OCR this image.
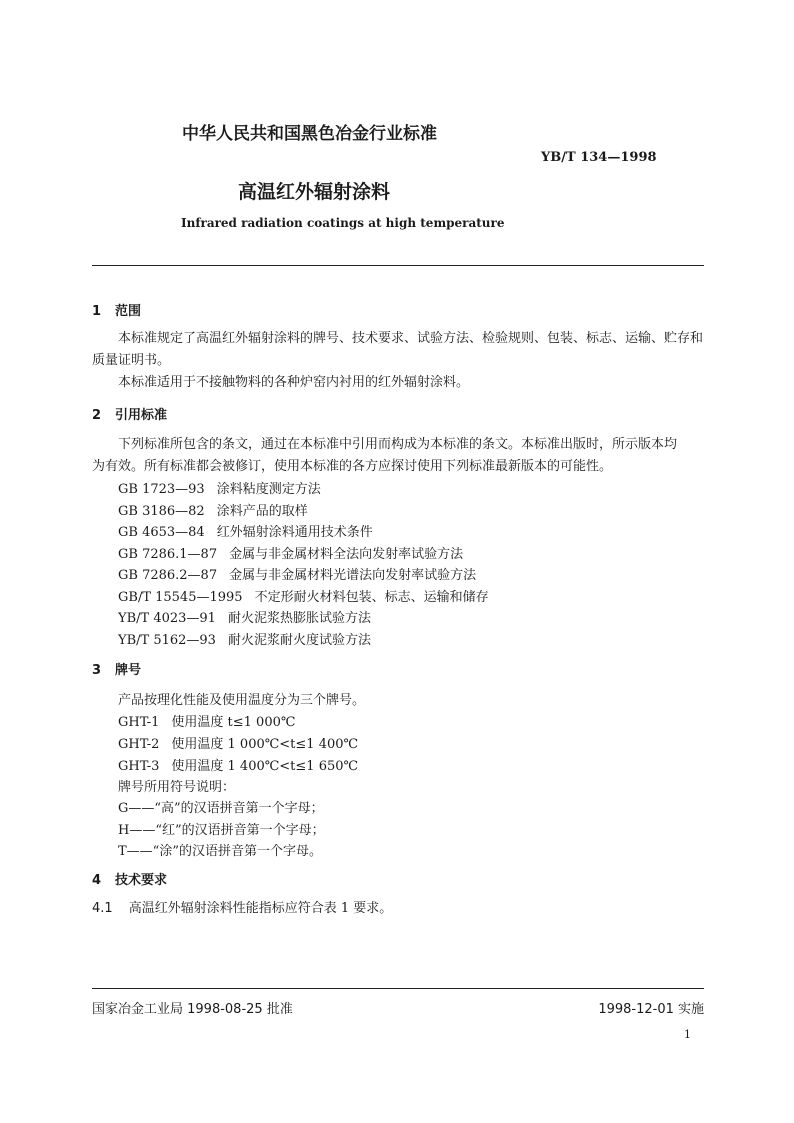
中华人民共和国黑色冶金行业标准
YB/T 134—1998
高温红外辐射涂料
Infrared radiation coatings at high temperature
1 范围
本标准规定了高温红外辐射涂料的牌号、技术要求、试验方法、检验规则、包装、标志、运输、贮存和
质量证明书。
本标准适用于不接触物料的各种炉窑内衬用的红外辐射涂料。
2 引用标准
下列标准所包含的条文，通过在本标准中引用而构成为本标准的条文。本标准出版时，所示版本均
为有效。所有标准都会被修订，使用本标准的各方应探讨使用下列标准最新版本的可能性。
GB 1723—93 涂料粘度测定方法
GB 3186—82 涂料产品的取样
GB 4653—84 红外辐射涂料通用技术条件
GB 7286.1—87 金属与非金属材料全法向发射率试验方法
GB 7286.2—87 金属与非金属材料光谱法向发射率试验方法
GB/T 15545—1995 不定形耐火材料包装、标志、运输和储存
YB/T 4023—91 耐火泥浆热膨胀试验方法
YB/T 5162—93 耐火泥浆耐火度试验方法
3 牌号
产品按理化性能及使用温度分为三个牌号。
GHT-1 使用温度 t≤1 000℃
GHT-2 使用温度 1 000℃<t≤1 400℃
GHT-3 使用温度 1 400℃<t≤1 650℃
牌号所用符号说明：
G——“高”的汉语拼音第一个字母；
H——“红”的汉语拼音第一个字母；
T——“涂”的汉语拼音第一个字母。
4 技术要求
4.1 高温红外辐射涂料性能指标应符合表 1 要求。
国家冶金工业局 1998-08-25 批准	1998-12-01 实施
1
